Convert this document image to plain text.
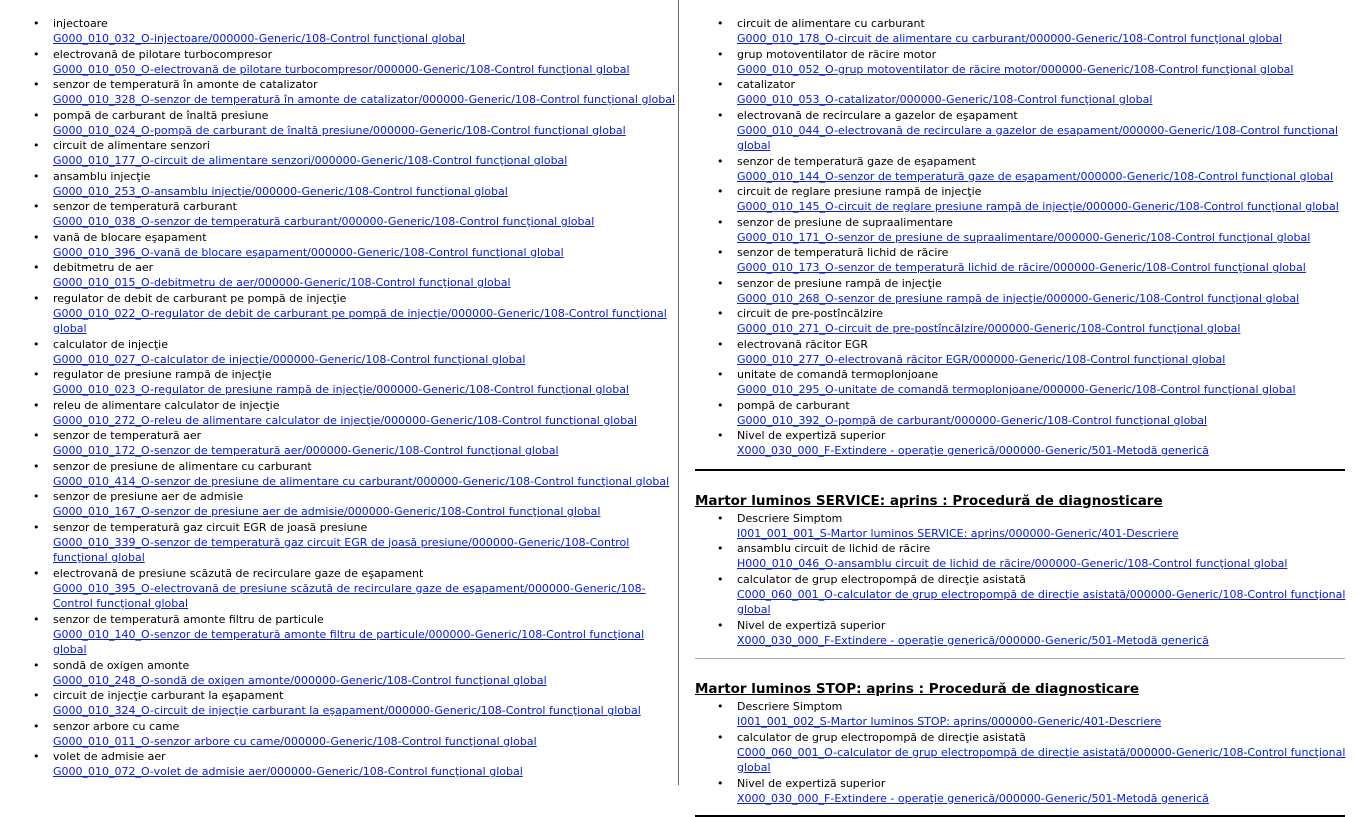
• injectoare
G000_010_032_O-injectoare/000000-Generic/108-Control funcţional global
• electrovană de pilotare turbocompresor
G000_010_050_O-electrovană de pilotare turbocompresor/000000-Generic/108-Control funcţional global
• senzor de temperatură în amonte de catalizator
G000_010_328_O-senzor de temperatură în amonte de catalizator/000000-Generic/108-Control funcţional global
• pompă de carburant de înaltă presiune
G000_010_024_O-pompă de carburant de înaltă presiune/000000-Generic/108-Control funcţional global
• circuit de alimentare senzori
G000_010_177_O-circuit de alimentare senzori/000000-Generic/108-Control funcţional global
• ansamblu injecţie
G000_010_253_O-ansamblu injecţie/000000-Generic/108-Control funcţional global
• senzor de temperatură carburant
G000_010_038_O-senzor de temperatură carburant/000000-Generic/108-Control funcţional global
• vană de blocare eşapament
G000_010_396_O-vană de blocare eşapament/000000-Generic/108-Control funcţional global
• debitmetru de aer
G000_010_015_O-debitmetru de aer/000000-Generic/108-Control funcţional global
• regulator de debit de carburant pe pompă de injecţie
G000_010_022_O-regulator de debit de carburant pe pompă de injecţie/000000-Generic/108-Control funcţional global
• calculator de injecţie
G000_010_027_O-calculator de injecţie/000000-Generic/108-Control funcţional global
• regulator de presiune rampă de injecţie
G000_010_023_O-regulator de presiune rampă de injecţie/000000-Generic/108-Control funcţional global
• releu de alimentare calculator de injecţie
G000_010_272_O-releu de alimentare calculator de injecţie/000000-Generic/108-Control funcţional global
• senzor de temperatură aer
G000_010_172_O-senzor de temperatură aer/000000-Generic/108-Control funcţional global
• senzor de presiune de alimentare cu carburant
G000_010_414_O-senzor de presiune de alimentare cu carburant/000000-Generic/108-Control funcţional global
• senzor de presiune aer de admisie
G000_010_167_O-senzor de presiune aer de admisie/000000-Generic/108-Control funcţional global
• senzor de temperatură gaz circuit EGR de joasă presiune
G000_010_339_O-senzor de temperatură gaz circuit EGR de joasă presiune/000000-Generic/108-Control funcţional global
• electrovană de presiune scăzută de recirculare gaze de eşapament
G000_010_395_O-electrovană de presiune scăzută de recirculare gaze de eşapament/000000-Generic/108-Control funcţional global
• senzor de temperatură amonte filtru de particule
G000_010_140_O-senzor de temperatură amonte filtru de particule/000000-Generic/108-Control funcţional global
• sondă de oxigen amonte
G000_010_248_O-sondă de oxigen amonte/000000-Generic/108-Control funcţional global
• circuit de injecţie carburant la eşapament
G000_010_324_O-circuit de injecţie carburant la eşapament/000000-Generic/108-Control funcţional global
• senzor arbore cu came
G000_010_011_O-senzor arbore cu came/000000-Generic/108-Control funcţional global
• volet de admisie aer
G000_010_072_O-volet de admisie aer/000000-Generic/108-Control funcţional global
• circuit de alimentare cu carburant
G000_010_178_O-circuit de alimentare cu carburant/000000-Generic/108-Control funcţional global
• grup motoventilator de răcire motor
G000_010_052_O-grup motoventilator de răcire motor/000000-Generic/108-Control funcţional global
• catalizator
G000_010_053_O-catalizator/000000-Generic/108-Control funcţional global
• electrovană de recirculare a gazelor de eşapament
G000_010_044_O-electrovană de recirculare a gazelor de eşapament/000000-Generic/108-Control funcţional global
• senzor de temperatură gaze de eşapament
G000_010_144_O-senzor de temperatură gaze de eşapament/000000-Generic/108-Control funcţional global
• circuit de reglare presiune rampă de injecţie
G000_010_145_O-circuit de reglare presiune rampă de injecţie/000000-Generic/108-Control funcţional global
• senzor de presiune de supraalimentare
G000_010_171_O-senzor de presiune de supraalimentare/000000-Generic/108-Control funcţional global
• senzor de temperatură lichid de răcire
G000_010_173_O-senzor de temperatură lichid de răcire/000000-Generic/108-Control funcţional global
• senzor de presiune rampă de injecţie
G000_010_268_O-senzor de presiune rampă de injecţie/000000-Generic/108-Control funcţional global
• circuit de pre-postîncălzire
G000_010_271_O-circuit de pre-postîncălzire/000000-Generic/108-Control funcţional global
• electrovană răcitor EGR
G000_010_277_O-electrovană răcitor EGR/000000-Generic/108-Control funcţional global
• unitate de comandă termoplonjoane
G000_010_295_O-unitate de comandă termoplonjoane/000000-Generic/108-Control funcţional global
• pompă de carburant
G000_010_392_O-pompă de carburant/000000-Generic/108-Control funcţional global
• Nivel de expertiză superior
X000_030_000_F-Extindere - operaţie generică/000000-Generic/501-Metodă generică
Martor luminos SERVICE: aprins : Procedură de diagnosticare
• Descriere Simptom
I001_001_001_S-Martor luminos SERVICE: aprins/000000-Generic/401-Descriere
• ansamblu circuit de lichid de răcire
H000_010_046_O-ansamblu circuit de lichid de răcire/000000-Generic/108-Control funcţional global
• calculator de grup electropompă de direcţie asistată
C000_060_001_O-calculator de grup electropompă de direcţie asistată/000000-Generic/108-Control funcţional global
• Nivel de expertiză superior
X000_030_000_F-Extindere - operaţie generică/000000-Generic/501-Metodă generică
Martor luminos STOP: aprins : Procedură de diagnosticare
• Descriere Simptom
I001_001_002_S-Martor luminos STOP: aprins/000000-Generic/401-Descriere
• calculator de grup electropompă de direcţie asistată
C000_060_001_O-calculator de grup electropompă de direcţie asistată/000000-Generic/108-Control funcţional global
• Nivel de expertiză superior
X000_030_000_F-Extindere - operaţie generică/000000-Generic/501-Metodă generică
